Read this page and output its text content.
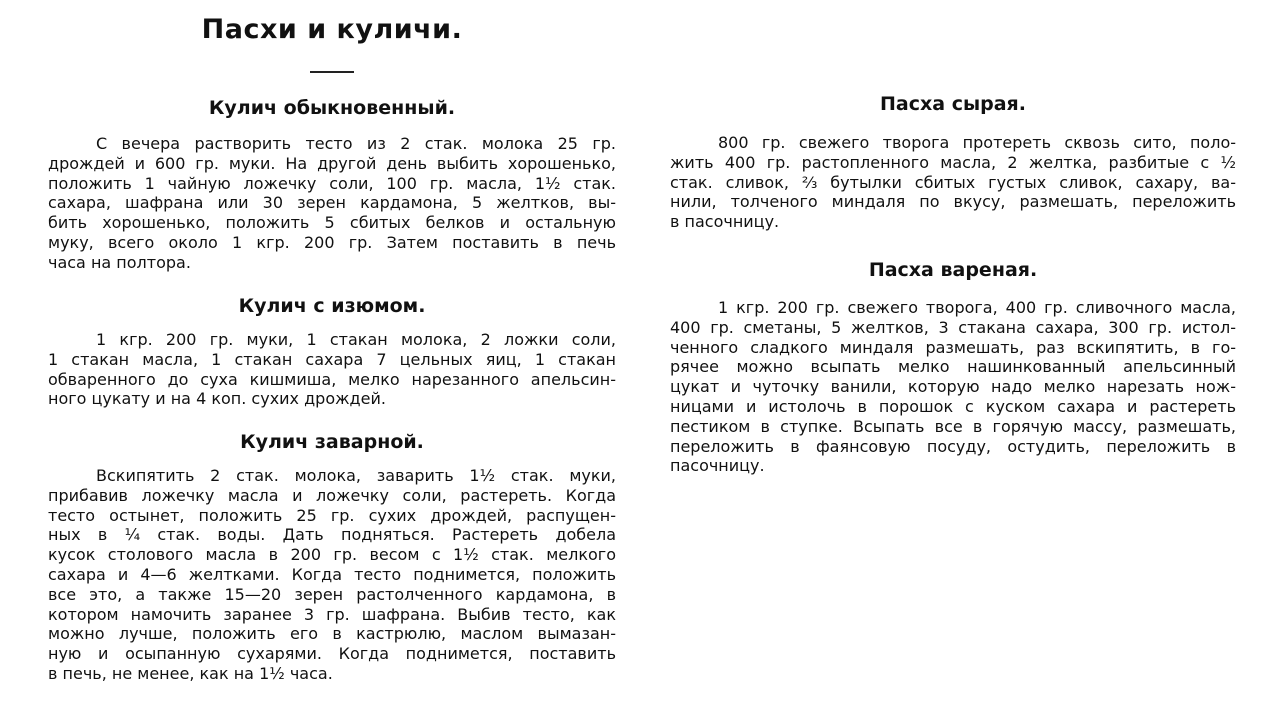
Пасхи и куличи.
Кулич обыкновенный.
С вечера растворить тесто из 2 стак. молока 25 гр.
дрождей и 600 гр. муки. На другой день выбить хорошенько,
положить 1 чайную ложечку соли, 100 гр. масла, 1½ стак.
сахара, шафрана или 30 зерен кардамона, 5 желтков, вы-
бить хорошенько, положить 5 сбитых белков и остальную
муку, всего около 1 кгр. 200 гр. Затем поставить в печь
часа на полтора.
Кулич с изюмом.
1 кгр. 200 гр. муки, 1 стакан молока, 2 ложки соли,
1 стакан масла, 1 стакан сахара 7 цельных яиц, 1 стакан
обваренного до суха кишмиша, мелко нарезанного апельсин-
ного цукату и на 4 коп. сухих дрождей.
Кулич заварной.
Вскипятить 2 стак. молока, заварить 1½ стак. муки,
прибавив ложечку масла и ложечку соли, растереть. Когда
тесто остынет, положить 25 гр. сухих дрождей, распущен-
ных в ¼ стак. воды. Дать подняться. Растереть добела
кусок столового масла в 200 гр. весом с 1½ стак. мелкого
сахара и 4—6 желтками. Когда тесто поднимется, положить
все это, а также 15—20 зерен растолченного кардамона, в
котором намочить заранее 3 гр. шафрана. Выбив тесто, как
можно лучше, положить его в кастрюлю, маслом вымазан-
ную и осыпанную сухарями. Когда поднимется, поставить
в печь, не менее, как на 1½ часа.
Пасха сырая.
800 гр. свежего творога протереть сквозь сито, поло-
жить 400 гр. растопленного масла, 2 желтка, разбитые с ½
стак. сливок, ⅔ бутылки сбитых густых сливок, сахару, ва-
нили, толченого миндаля по вкусу, размешать, переложить
в пасочницу.
Пасха вареная.
1 кгр. 200 гр. свежего творога, 400 гр. сливочного масла,
400 гр. сметаны, 5 желтков, 3 стакана сахара, 300 гр. истол-
ченного сладкого миндаля размешать, раз вскипятить, в го-
рячее можно всыпать мелко нашинкованный апельсинный
цукат и чуточку ванили, которую надо мелко нарезать нож-
ницами и истолочь в порошок с куском сахара и растереть
пестиком в ступке. Всыпать все в горячую массу, размешать,
переложить в фаянсовую посуду, остудить, переложить в
пасочницу.
